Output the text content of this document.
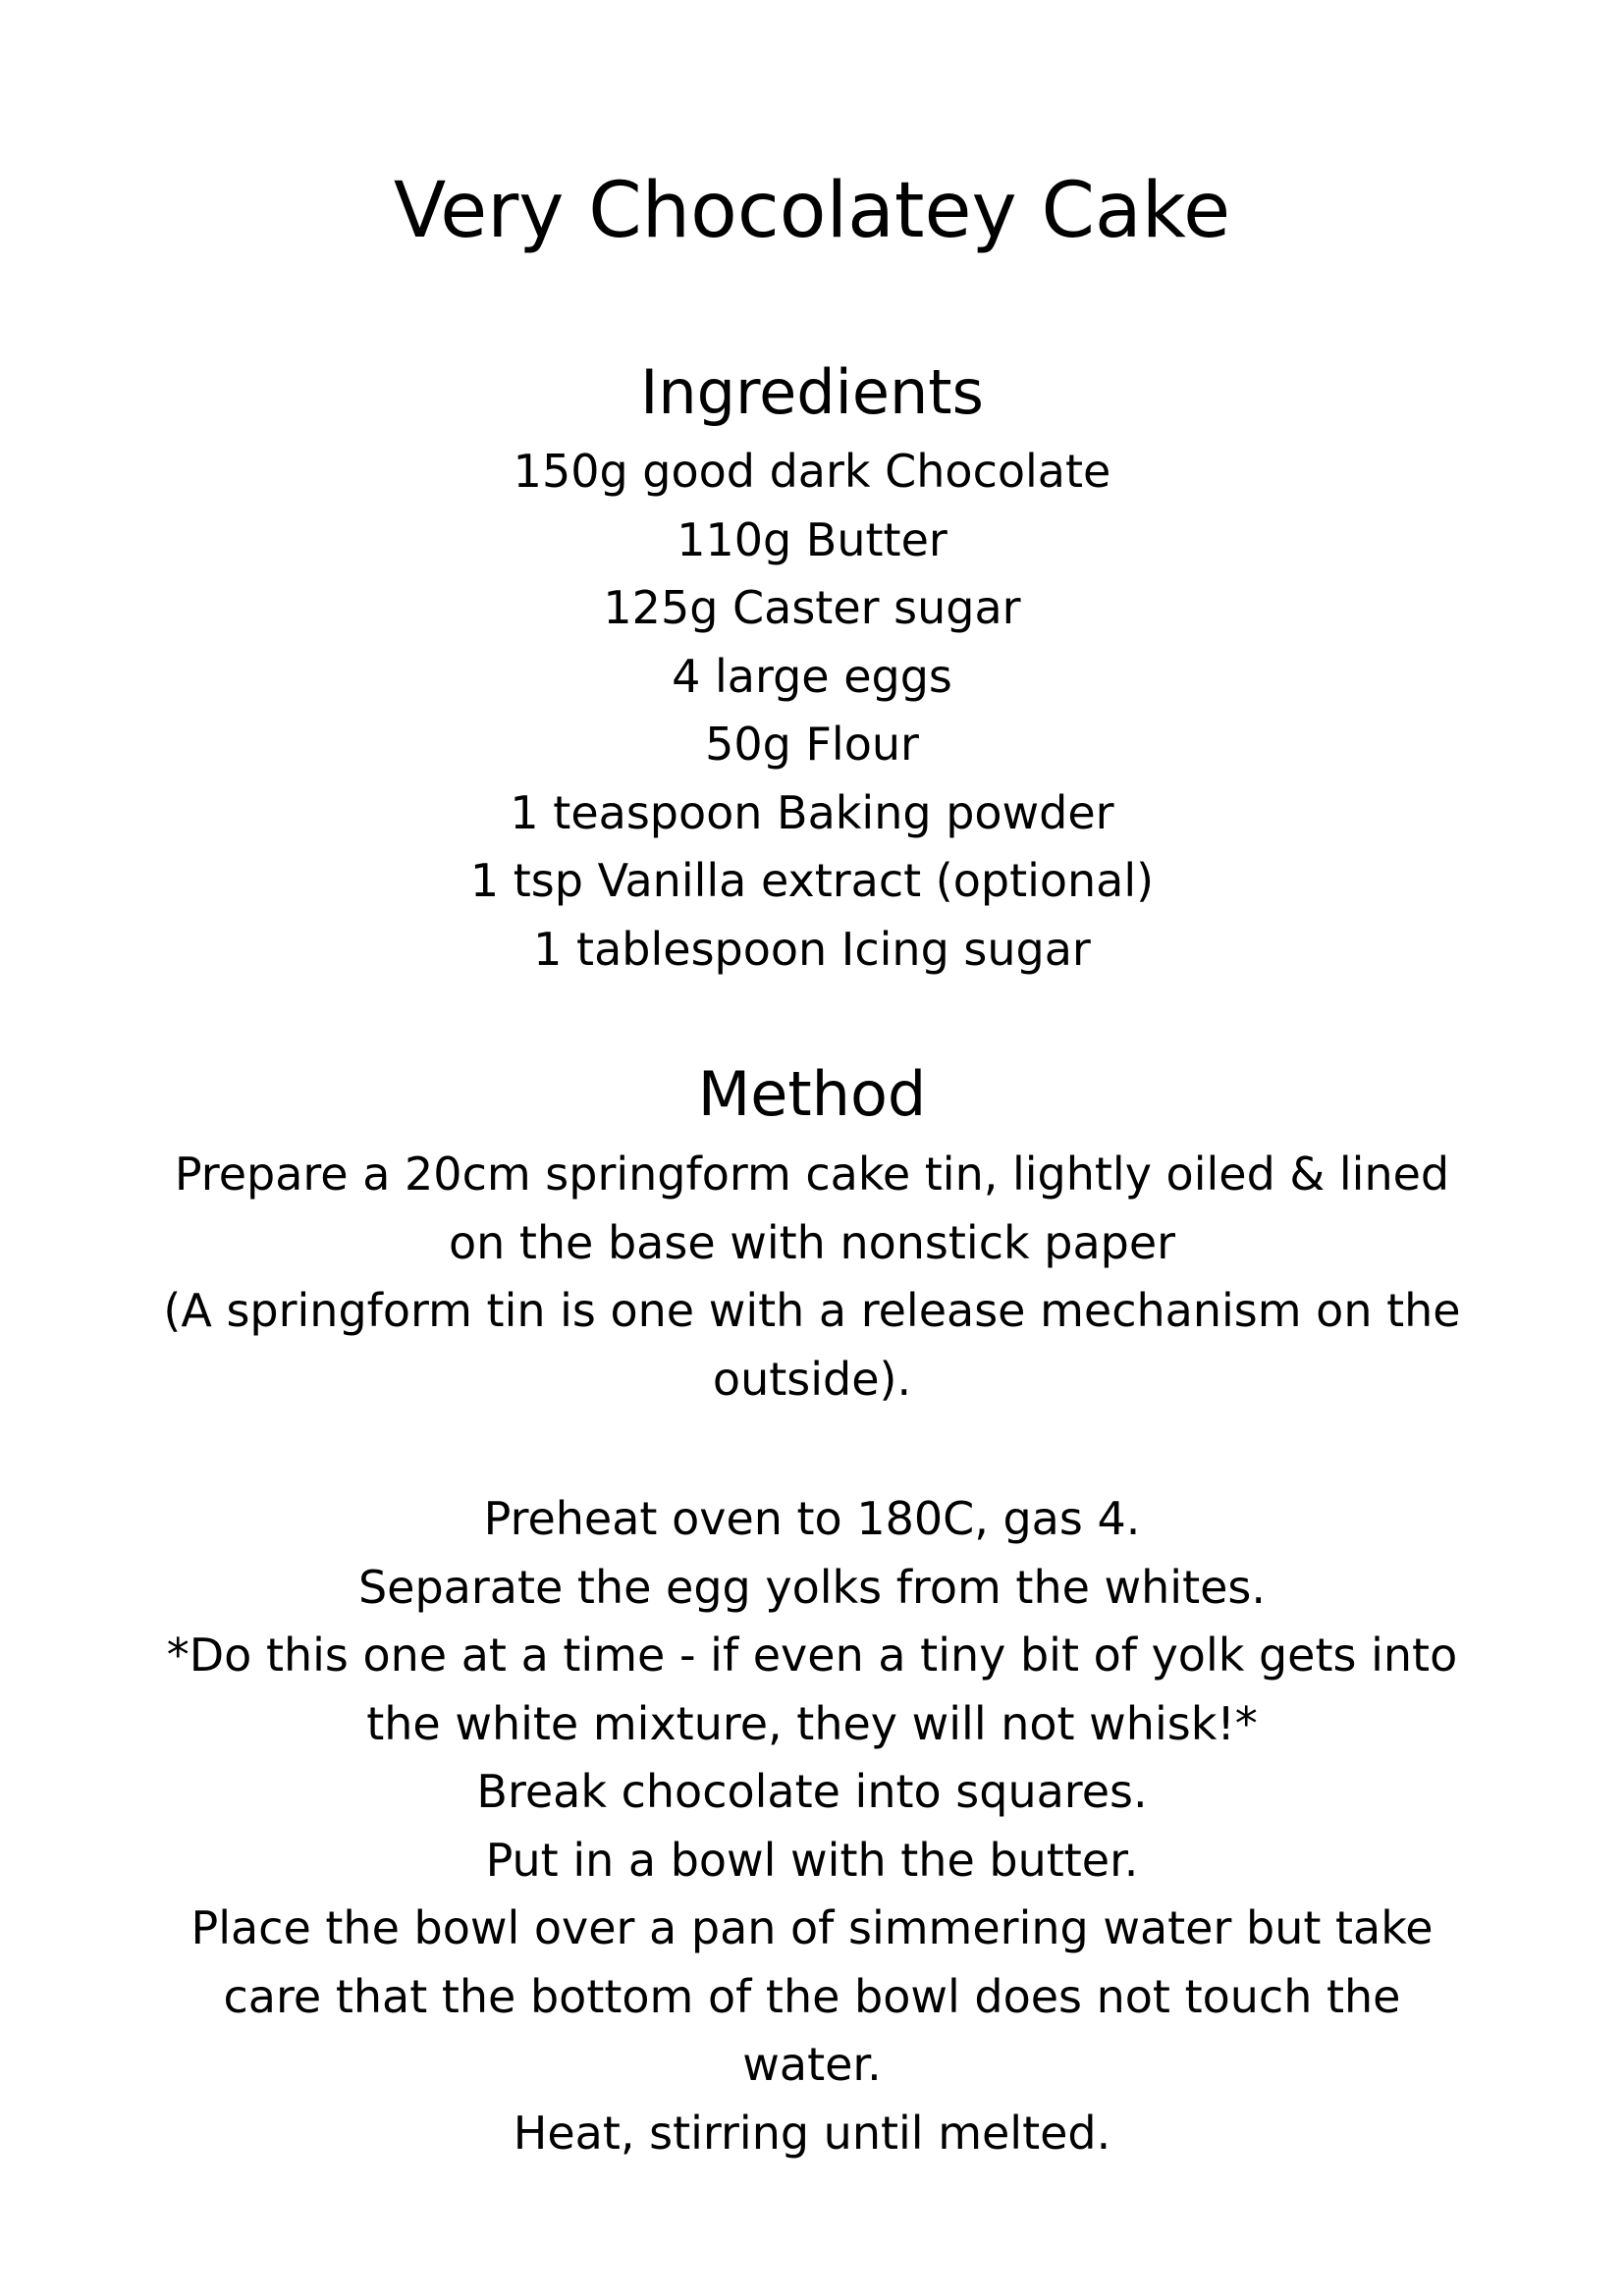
Very Chocolatey Cake
Ingredients
150g good dark Chocolate
110g Butter
125g Caster sugar
4 large eggs
50g Flour
1 teaspoon Baking powder
1 tsp Vanilla extract (optional)
1 tablespoon Icing sugar
Method

Prepare a 20cm springform cake tin, lightly oiled & lined on the base with nonstick paper

(A springform tin is one with a release mechanism on the outside).

Preheat oven to 180C, gas 4.

Separate the egg yolks from the whites.

*Do this one at a time - if even a tiny bit of yolk gets into the white mixture, they will not whisk!*

Break chocolate into squares.

Put in a bowl with the butter.

Place the bowl over a pan of simmering water but take care that the bottom of the bowl does not touch the water.

Heat, stirring until melted.
